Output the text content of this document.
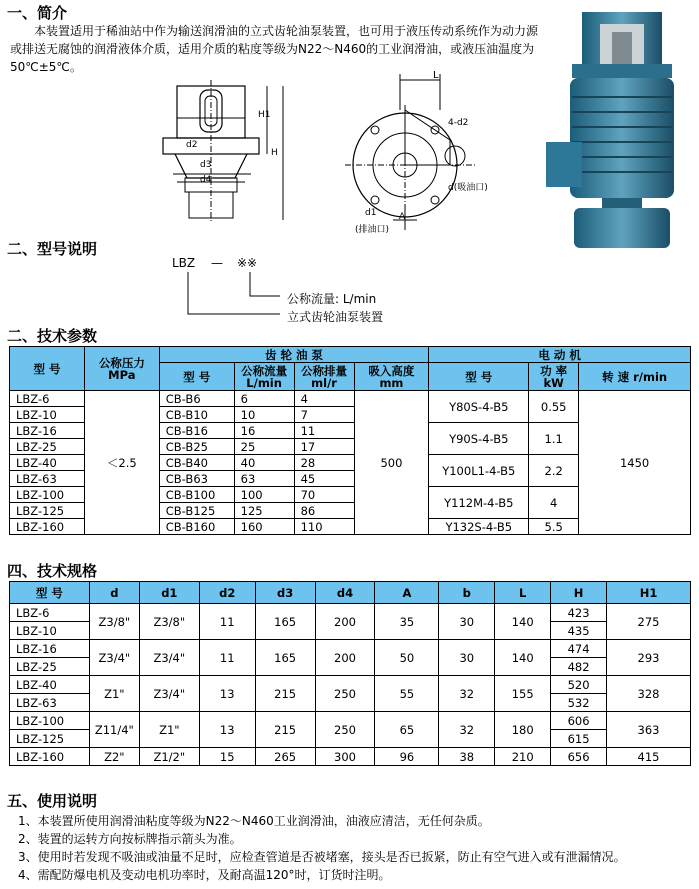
一、简介
本装置适用于稀油站中作为输送润滑油的立式齿轮油泵装置，也可用于液压传动系统作为动力源或排送无腐蚀的润滑液体介质，适用介质的粘度等级为N22～N460的工业润滑油，或液压油温度为50℃±5℃。
H1
H
d2
d3
d4
L
4-d2
d(吸油口)
d1	A
(排油口)
二、型号说明
LBZ — ※※
公称流量: L/min
立式齿轮油泵装置
二、技术参数
型 号	公称压力 MPa	齿 轮 油 泵				电 动 机		
		型 号	公称流量 L/min	公称排量 ml/r	吸入高度 mm	型 号	功 率 kW	转 速 r/min
LBZ-6	＜2.5	CB-B6	6	4	500	Y80S-4-B5	0.55	1450
LBZ-10		CB-B10	10	7				
LBZ-16		CB-B16	16	11		Y90S-4-B5	1.1	
LBZ-25		CB-B25	25	17				
LBZ-40		CB-B40	40	28		Y100L1-4-B5	2.2	
LBZ-63		CB-B63	63	45				
LBZ-100		CB-B100	100	70		Y112M-4-B5	4	
LBZ-125		CB-B125	125	86				
LBZ-160		CB-B160	160	110		Y132S-4-B5	5.5	
四、技术规格
型 号	d	d1	d2	d3	d4	A	b	L	H	H1
LBZ-6	Z3/8"	Z3/8"	11	165	200	35	30	140	423	275
LBZ-10									435	
LBZ-16	Z3/4"	Z3/4"	11	165	200	50	30	140	474	293
LBZ-25									482	
LBZ-40	Z1"	Z3/4"	13	215	250	55	32	155	520	328
LBZ-63									532	
LBZ-100	Z11/4"	Z1"	13	215	250	65	32	180	606	363
LBZ-125									615	
LBZ-160	Z2"	Z1/2"	15	265	300	96	38	210	656	415
五、使用说明
1、本装置所使用润滑油粘度等级为N22～N460工业润滑油，油液应清洁，无任何杂质。
2、装置的运转方向按标牌指示箭头为准。
3、使用时若发现不吸油或油量不足时，应检查管道是否被堵塞，接头是否已扳紧，防止有空气进入或有泄漏情况。
4、需配防爆电机及变动电机功率时，及耐高温120°时，订货时注明。
